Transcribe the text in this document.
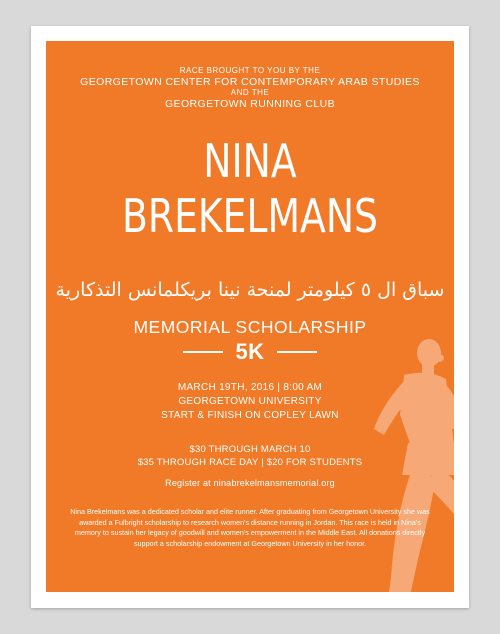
RACE BROUGHT TO YOU BY THE
GEORGETOWN CENTER FOR CONTEMPORARY ARAB STUDIES
AND THE
GEORGETOWN RUNNING CLUB
NINA
BREKELMANS
سباق ال ٥ كيلومتر لمنحة نينا بريكلمانس التذكارية
MEMORIAL SCHOLARSHIP
5K
MARCH 19TH, 2016 | 8:00 AM
GEORGETOWN UNIVERSITY
START & FINISH ON COPLEY LAWN
$30 THROUGH MARCH 10
$35 THROUGH RACE DAY | $20 FOR STUDENTS
Register at ninabrekelmansmemorial.org
Nina Brekelmans was a dedicated scholar and elite runner. After graduating from Georgetown University she was awarded a Fulbright scholarship to research women's distance running in Jordan. This race is held in Nina's memory to sustain her legacy of goodwill and women's empowerment in the Middle East. All donations directly support a scholarship endowment at Georgetown University in her honor.
